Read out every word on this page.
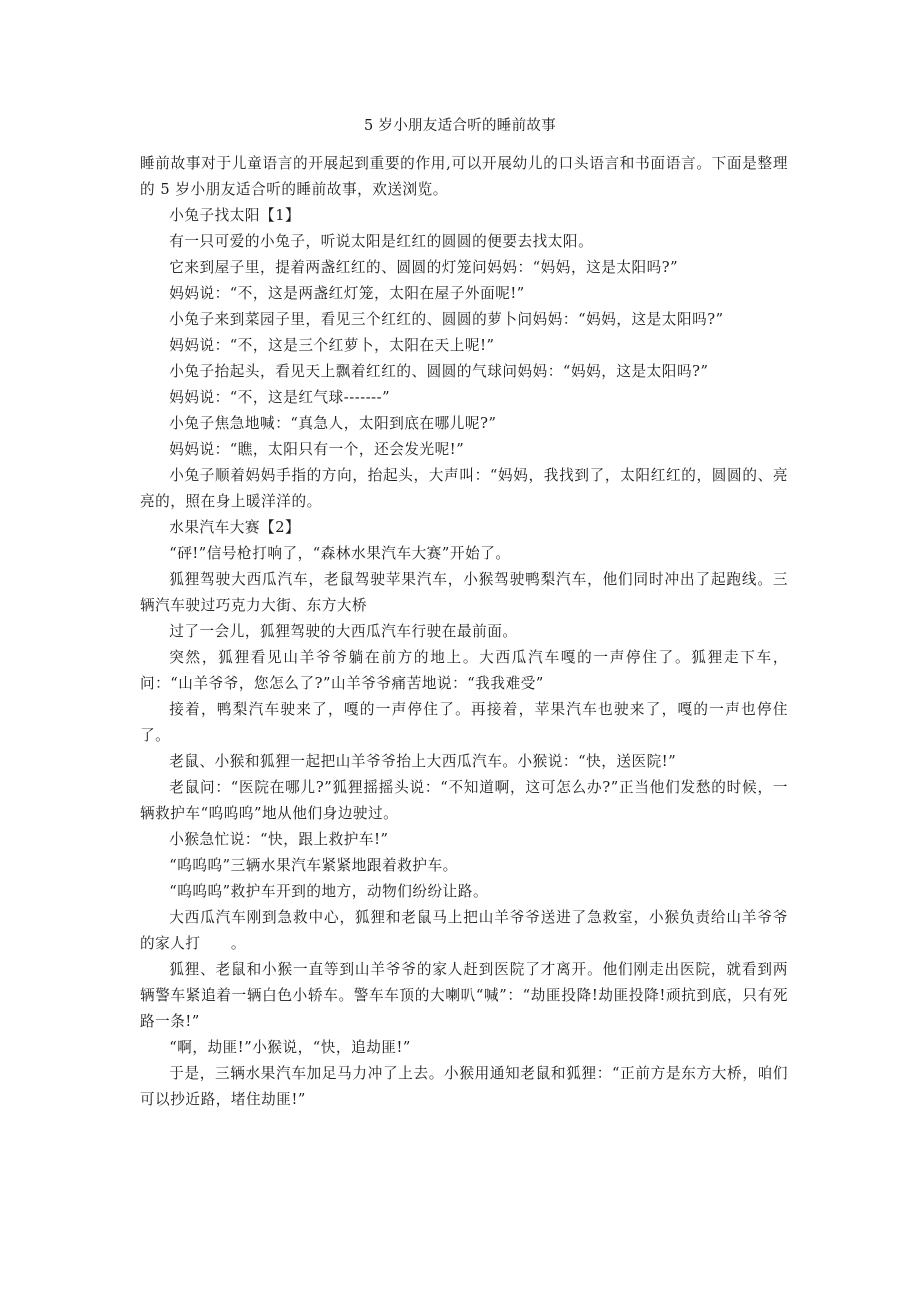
5 岁小朋友适合听的睡前故事

睡前故事对于儿童语言的开展起到重要的作用,可以开展幼儿的口头语言和书面语言。下面是整理的 5 岁小朋友适合听的睡前故事，欢送浏览。

小兔子找太阳【1】

有一只可爱的小兔子，听说太阳是红红的圆圆的便要去找太阳。

它来到屋子里，提着两盏红红的、圆圆的灯笼问妈妈：“妈妈，这是太阳吗?”

妈妈说：“不，这是两盏红灯笼，太阳在屋子外面呢!”

小兔子来到菜园子里，看见三个红红的、圆圆的萝卜问妈妈：“妈妈，这是太阳吗?”

妈妈说：“不，这是三个红萝卜，太阳在天上呢!”

小兔子抬起头，看见天上飘着红红的、圆圆的气球问妈妈：“妈妈，这是太阳吗?”

妈妈说：“不，这是红气球-------”

小兔子焦急地喊：“真急人，太阳到底在哪儿呢?”

妈妈说：“瞧，太阳只有一个，还会发光呢!”

小兔子顺着妈妈手指的方向，抬起头，大声叫：“妈妈，我找到了，太阳红红的，圆圆的、亮亮的，照在身上暖洋洋的。

水果汽车大赛【2】

“砰!”信号枪打响了，“森林水果汽车大赛”开始了。

狐狸驾驶大西瓜汽车，老鼠驾驶苹果汽车，小猴驾驶鸭梨汽车，他们同时冲出了起跑线。三辆汽车驶过巧克力大街、东方大桥

过了一会儿，狐狸驾驶的大西瓜汽车行驶在最前面。

突然，狐狸看见山羊爷爷躺在前方的地上。大西瓜汽车嘎的一声停住了。狐狸走下车，问：“山羊爷爷，您怎么了?”山羊爷爷痛苦地说：“我我难受”

接着，鸭梨汽车驶来了，嘎的一声停住了。再接着，苹果汽车也驶来了，嘎的一声也停住了。

老鼠、小猴和狐狸一起把山羊爷爷抬上大西瓜汽车。小猴说：“快，送医院!”

老鼠问：“医院在哪儿?”狐狸摇摇头说：“不知道啊，这可怎么办?”正当他们发愁的时候，一辆救护车“呜呜呜”地从他们身边驶过。

小猴急忙说：“快，跟上救护车!”

“呜呜呜”三辆水果汽车紧紧地跟着救护车。

“呜呜呜”救护车开到的地方，动物们纷纷让路。

大西瓜汽车刚到急救中心，狐狸和老鼠马上把山羊爷爷送进了急救室，小猴负责给山羊爷爷的家人打　　。

狐狸、老鼠和小猴一直等到山羊爷爷的家人赶到医院了才离开。他们刚走出医院，就看到两辆警车紧追着一辆白色小轿车。警车车顶的大喇叭“喊”：“劫匪投降!劫匪投降!顽抗到底，只有死路一条!”

“啊，劫匪!”小猴说，“快，追劫匪!”

于是，三辆水果汽车加足马力冲了上去。小猴用通知老鼠和狐狸：“正前方是东方大桥，咱们可以抄近路，堵住劫匪!”
